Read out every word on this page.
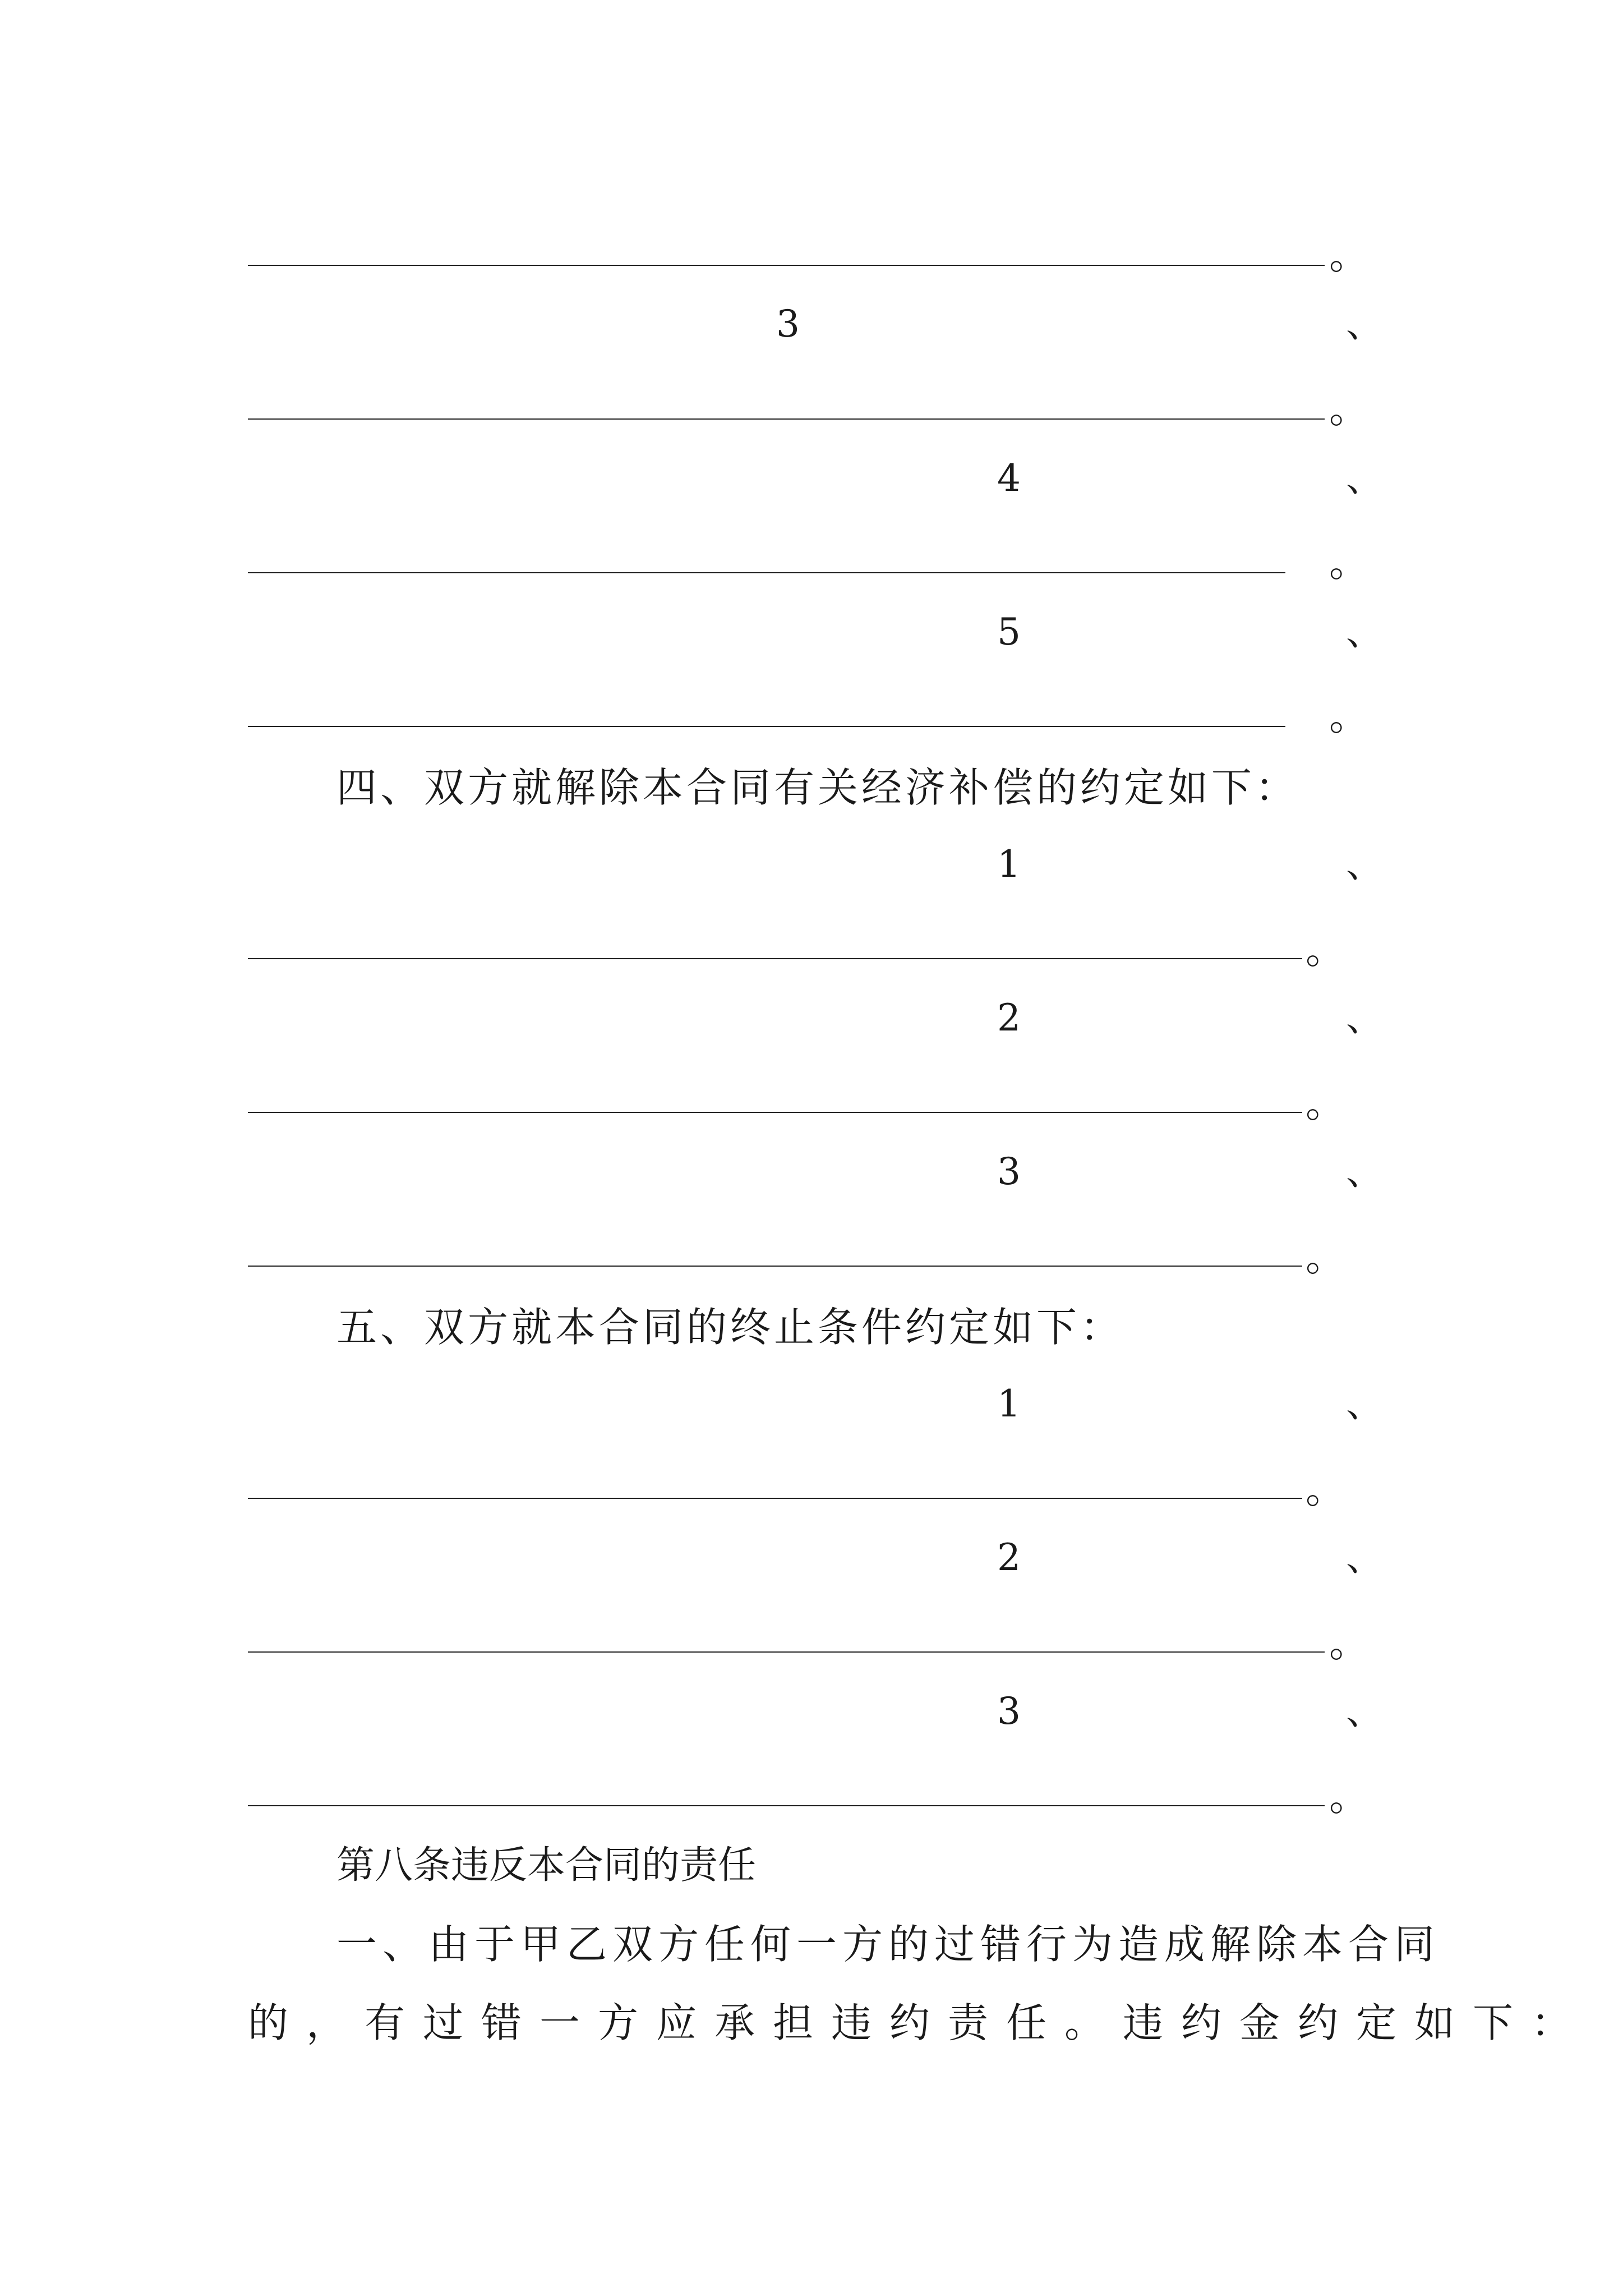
。
3	、
。
4	、
。
5	、
。
四、双方就解除本合同有关经济补偿的约定如下：
1	、
。
2	、
。
3	、
。
五、双方就本合同的终止条件约定如下：
1	、
。
2	、
。
3	、
。
第八条违反本合同的责任
一、由于甲乙双方任何一方的过错行为造成解除本合同
的，有过错一方应承担违约责任。违约金约定如下：
